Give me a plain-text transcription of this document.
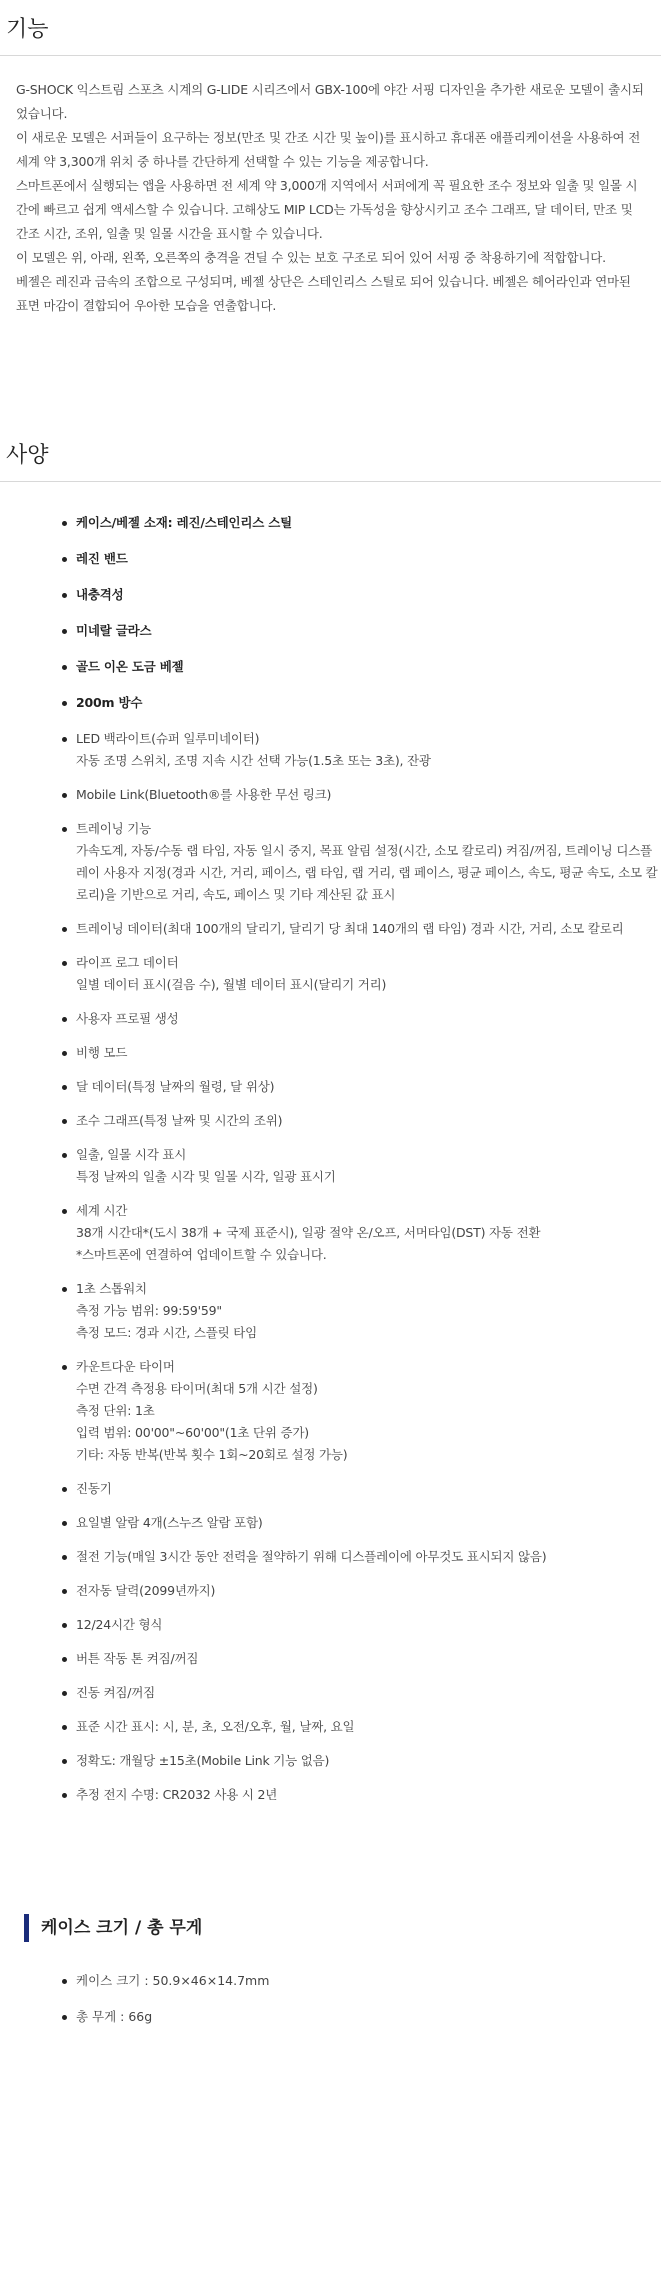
기능

G-SHOCK 익스트림 스포츠 시계의 G-LIDE 시리즈에서 GBX-100에 야간 서핑 디자인을 추가한 새로운 모델이 출시되었습니다.

이 새로운 모델은 서퍼들이 요구하는 정보(만조 및 간조 시간 및 높이)를 표시하고 휴대폰 애플리케이션을 사용하여 전 세계 약 3,300개 위치 중 하나를 간단하게 선택할 수 있는 기능을 제공합니다.

스마트폰에서 실행되는 앱을 사용하면 전 세계 약 3,000개 지역에서 서퍼에게 꼭 필요한 조수 정보와 일출 및 일몰 시간에 빠르고 쉽게 액세스할 수 있습니다. 고해상도 MIP LCD는 가독성을 향상시키고 조수 그래프, 달 데이터, 만조 및 간조 시간, 조위, 일출 및 일몰 시간을 표시할 수 있습니다.

이 모델은 위, 아래, 왼쪽, 오른쪽의 충격을 견딜 수 있는 보호 구조로 되어 있어 서핑 중 착용하기에 적합합니다.

베젤은 레진과 금속의 조합으로 구성되며, 베젤 상단은 스테인리스 스틸로 되어 있습니다. 베젤은 헤어라인과 연마된 표면 마감이 결합되어 우아한 모습을 연출합니다.

사양
케이스/베젤 소재: 레진/스테인리스 스틸
레진 밴드
내충격성
미네랄 글라스
골드 이온 도금 베젤
200m 방수
LED 백라이트(슈퍼 일루미네이터)
자동 조명 스위치, 조명 지속 시간 선택 가능(1.5초 또는 3초), 잔광
Mobile Link(Bluetooth®를 사용한 무선 링크)
트레이닝 기능
가속도계, 자동/수동 랩 타임, 자동 일시 중지, 목표 알림 설정(시간, 소모 칼로리) 켜짐/꺼짐, 트레이닝 디스플레이 사용자 지정(경과 시간, 거리, 페이스, 랩 타임, 랩 거리, 랩 페이스, 평균 페이스, 속도, 평균 속도, 소모 칼로리)을 기반으로 거리, 속도, 페이스 및 기타 계산된 값 표시
트레이닝 데이터(최대 100개의 달리기, 달리기 당 최대 140개의 랩 타임) 경과 시간, 거리, 소모 칼로리
라이프 로그 데이터
일별 데이터 표시(걸음 수), 월별 데이터 표시(달리기 거리)
사용자 프로필 생성
비행 모드
달 데이터(특정 날짜의 월령, 달 위상)
조수 그래프(특정 날짜 및 시간의 조위)
일출, 일몰 시각 표시
특정 날짜의 일출 시각 및 일몰 시각, 일광 표시기
세계 시간
38개 시간대*(도시 38개 + 국제 표준시), 일광 절약 온/오프, 서머타임(DST) 자동 전환
*스마트폰에 연결하여 업데이트할 수 있습니다.
1초 스톱워치
측정 가능 범위: 99:59'59"
측정 모드: 경과 시간, 스플릿 타임
카운트다운 타이머
수면 간격 측정용 타이머(최대 5개 시간 설정)
측정 단위: 1초
입력 범위: 00'00"~60'00"(1초 단위 증가)
기타: 자동 반복(반복 횟수 1회~20회로 설정 가능)
진동기
요일별 알람 4개(스누즈 알람 포함)
절전 기능(매일 3시간 동안 전력을 절약하기 위해 디스플레이에 아무것도 표시되지 않음)
전자동 달력(2099년까지)
12/24시간 형식
버튼 작동 톤 켜짐/꺼짐
진동 켜짐/꺼짐
표준 시간 표시: 시, 분, 초, 오전/오후, 월, 날짜, 요일
정확도: 개월당 ±15초(Mobile Link 기능 없음)
추정 전지 수명: CR2032 사용 시 2년
케이스 크기 / 총 무게
케이스 크기 : 50.9×46×14.7mm
총 무게 : 66g
